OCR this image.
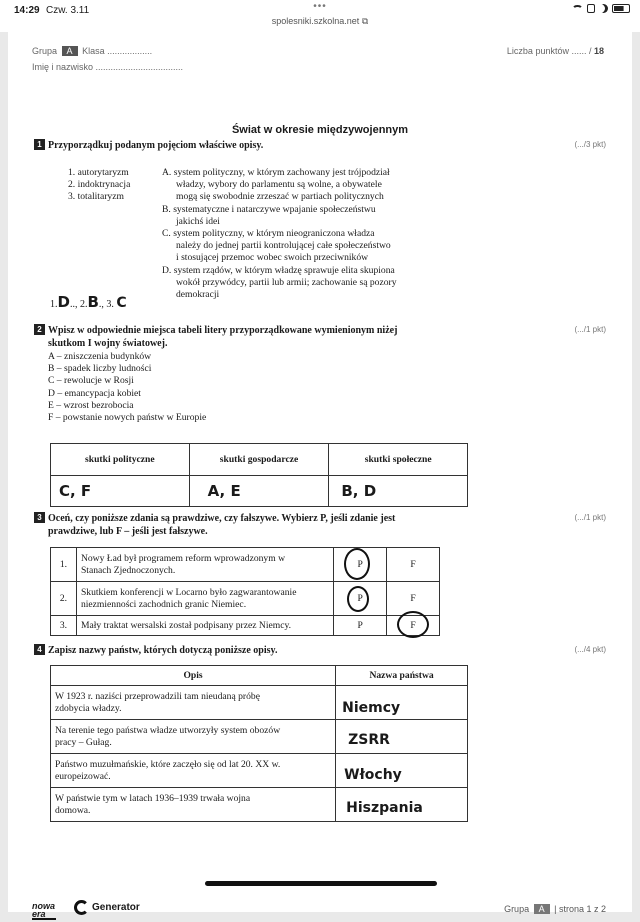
14:29 Czw. 3.11	•••
spolesniki.szkolna.net ⧉
Grupa A Klasa ..................
Imię i nazwisko ...................................
Liczba punktów ...... / 18
Świat w okresie międzywojennym
1 Przyporządkuj podanym pojęciom właściwe opisy.	(.../3 pkt)
1. autorytaryzm
2. indoktrynacja
3. totalitaryzm
A. system polityczny, w którym zachowany jest trójpodział
władzy, wybory do parlamentu są wolne, a obywatele
mogą się swobodnie zrzeszać w partiach politycznych
B. systematyczne i natarczywe wpajanie społeczeństwu
jakichś idei
C. system polityczny, w którym nieograniczona władza
należy do jednej partii kontrolującej całe społeczeństwo
i stosującej przemoc wobec swoich przeciwników
D. system rządów, w którym władzę sprawuje elita skupiona
wokół przywódcy, partii lub armii; zachowanie są pozory
demokracji
1.D.., 2.B., 3. C
2 Wpisz w odpowiednie miejsca tabeli litery przyporządkowane wymienionym niżej
skutkom I wojny światowej.
(.../1 pkt)
A – zniszczenia budynków
B – spadek liczby ludności
C – rewolucje w Rosji
D – emancypacja kobiet
E – wzrost bezrobocia
F – powstanie nowych państw w Europie
skutki polityczne	skutki gospodarcze	skutki społeczne
C, F	A, E	B, D
3 Oceń, czy poniższe zdania są prawdziwe, czy fałszywe. Wybierz P, jeśli zdanie jest
prawdziwe, lub F – jeśli jest fałszywe.
(.../1 pkt)
1.	Nowy Ład był programem reform wprowadzonym w
Stanach Zjednoczonych.	P	F
2.	Skutkiem konferencji w Locarno było zagwarantowanie
niezmienności zachodnich granic Niemiec.	P	F
3.	Mały traktat wersalski został podpisany przez Niemcy.	P	F
4 Zapisz nazwy państw, których dotyczą poniższe opisy.	(.../4 pkt)
Opis	Nazwa państwa

W 1923 r. naziści przeprowadzili tam nieudaną próbę
zdobycia władzy.	Niemcy

Na terenie tego państwa władze utworzyły system obozów
pracy – Gułag.	ZSRR

Państwo muzułmańskie, które zaczęło się od lat 20. XX w.
europeizować.	Włochy

W państwie tym w latach 1936–1939 trwała wojna
domowa.	Hiszpania
nowa
era
Generator	Grupa A | strona 1 z 2
